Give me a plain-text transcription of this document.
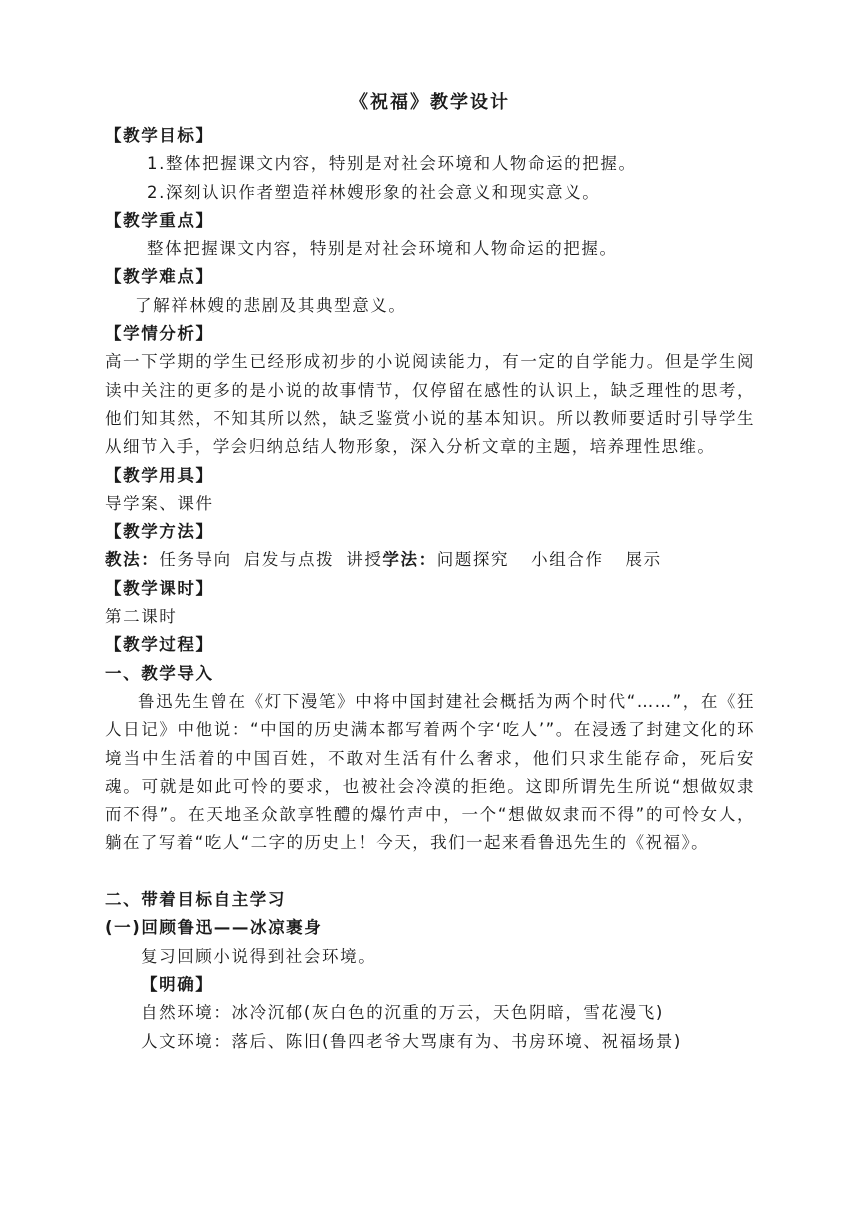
《祝福》教学设计
【教学目标】
1.整体把握课文内容，特别是对社会环境和人物命运的把握。
2.深刻认识作者塑造祥林嫂形象的社会意义和现实意义。
【教学重点】
整体把握课文内容，特别是对社会环境和人物命运的把握。
【教学难点】
了解祥林嫂的悲剧及其典型意义。
【学情分析】
高一下学期的学生已经形成初步的小说阅读能力，有一定的自学能力。但是学生阅读中关注的更多的是小说的故事情节，仅停留在感性的认识上，缺乏理性的思考，他们知其然，不知其所以然，缺乏鉴赏小说的基本知识。所以教师要适时引导学生从细节入手，学会归纳总结人物形象，深入分析文章的主题，培养理性思维。
【教学用具】
导学案、课件
【教学方法】
教法：任务导向 启发与点拨 讲授学法：问题探究 小组合作 展示
【教学课时】
第二课时
【教学过程】
一、教学导入
鲁迅先生曾在《灯下漫笔》中将中国封建社会概括为两个时代“……”，在《狂人日记》中他说：“中国的历史满本都写着两个字‘吃人’”。在浸透了封建文化的环境当中生活着的中国百姓，不敢对生活有什么奢求，他们只求生能存命，死后安魂。可就是如此可怜的要求，也被社会冷漠的拒绝。这即所谓先生所说“想做奴隶而不得”。在天地圣众歆享牲醴的爆竹声中，一个“想做奴隶而不得”的可怜女人，躺在了写着“吃人“二字的历史上！今天，我们一起来看鲁迅先生的《祝福》。
二、带着目标自主学习
(一)回顾鲁迅——冰凉裹身
复习回顾小说得到社会环境。
【明确】
自然环境：冰冷沉郁(灰白色的沉重的万云，天色阴暗，雪花漫飞)
人文环境：落后、陈旧(鲁四老爷大骂康有为、书房环境、祝福场景)
